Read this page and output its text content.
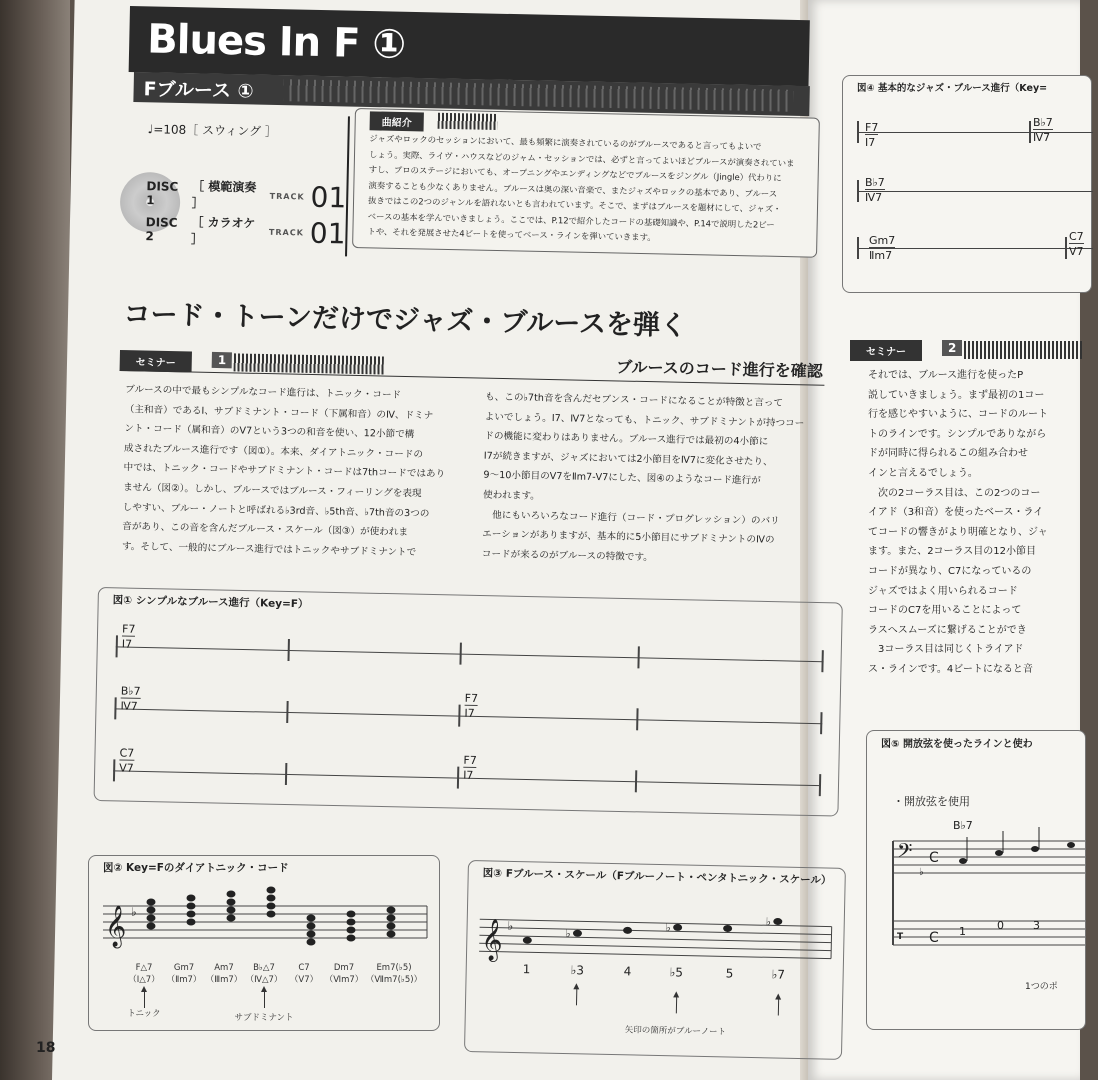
Blues In F ①
Fブルース ①
♩=108［ スウィング ］
DISC 1
［ 模範演奏 ］
TRACK 01
DISC 2
［ カラオケ ］
TRACK 01
曲紹介
ジャズやロックのセッションにおいて、最も頻繁に演奏されているのがブルースであると言ってもよいで
しょう。実際、ライヴ・ハウスなどのジャム・セッションでは、必ずと言ってよいほどブルースが演奏されていま
すし、プロのステージにおいても、オープニングやエンディングなどでブルースをジングル（Jingle）代わりに
演奏することも少なくありません。ブルースは奥の深い音楽で、またジャズやロックの基本であり、ブルース
抜きではこの2つのジャンルを語れないとも言われています。そこで、まずはブルースを題材にして、ジャズ・
ベースの基本を学んでいきましょう。ここでは、P.12で紹介したコードの基礎知識や、P.14で説明した2ビー
トや、それを発展させた4ビートを使ってベース・ラインを弾いていきます。
コード・トーンだけでジャズ・ブルースを弾く
セミナー	1	ブルースのコード進行を確認
ブルースの中で最もシンプルなコード進行は、トニック・コード
（主和音）であるⅠ、サブドミナント・コード（下属和音）のⅣ、ドミナ
ント・コード（属和音）のⅤ7という3つの和音を使い、12小節で構
成されたブルース進行です（図①）。本来、ダイアトニック・コードの
中では、トニック・コードやサブドミナント・コードは7thコードではあり
ません（図②）。しかし、ブルースではブルース・フィーリングを表現
しやすい、ブルー・ノートと呼ばれる♭3rd音、♭5th音、♭7th音の3つの
音があり、この音を含んだブルース・スケール（図③）が使われま
す。そして、一般的にブルース進行ではトニックやサブドミナントで
も、この♭7th音を含んだセブンス・コードになることが特徴と言って
よいでしょう。Ⅰ7、Ⅳ7となっても、トニック、サブドミナントが持つコー
ドの機能に変わりはありません。ブルース進行では最初の4小節に
Ⅰ7が続きますが、ジャズにおいては2小節目をⅣ7に変化させたり、
9〜10小節目のⅤ7をⅡm7-Ⅴ7にした、図④のようなコード進行が
使われます。
　他にもいろいろなコード進行（コード・プログレッション）のバリ
エーションがありますが、基本的に5小節目にサブドミナントのⅣの
コードが来るのがブルースの特徴です。
図① シンプルなブルース進行（Key=F）
F7
Ⅰ7
B♭7
Ⅳ7
F7
Ⅰ7
C7
Ⅴ7
F7
Ⅰ7
図② Key=Fのダイアトニック・コード
𝄞 ♭
F△7
（Ⅰ△7）
Gm7
（Ⅱm7）
Am7
（Ⅲm7）
B♭△7
（Ⅳ△7）
C7
（Ⅴ7）
Dm7
（Ⅵm7）
Em7(♭5)
（Ⅶm7(♭5)）
トニック	サブドミナント
図③ Fブルース・スケール（Fブルーノート・ペンタトニック・スケール）
𝄞 ♭
♭	♭	♭
1	♭3	4	♭5	5	♭7
矢印の箇所がブルーノート
18
図④ 基本的なジャズ・ブルース進行（Key=
F7
Ⅰ7
B♭7
Ⅳ7
B♭7
Ⅳ7
Gm7
Ⅱm7
C7
Ⅴ7
セミナー	2
それでは、ブルース進行を使ったP
説していきましょう。まず最初の1コー
行を感じやすいように、コードのルート
トのラインです。シンプルでありながら
ドが同時に得られるこの組み合わせ
インと言えるでしょう。
　次の2コーラス目は、この2つのコー
イアド（3和音）を使ったベース・ライ
てコードの響きがより明確となり、ジャ
ます。また、2コーラス目の12小節目
コードが異なり、C7になっているの
ジャズではよく用いられるコード
コードのC7を用いることによって
ラスへスムーズに繋げることができ
　3コーラス目は同じくトライアド
ス・ラインです。4ビートになると音
図⑤ 開放弦を使ったラインと使わ
・開放弦を使用
B♭7
𝄢
♭
C
C
T	1	0	3
1つのポ
